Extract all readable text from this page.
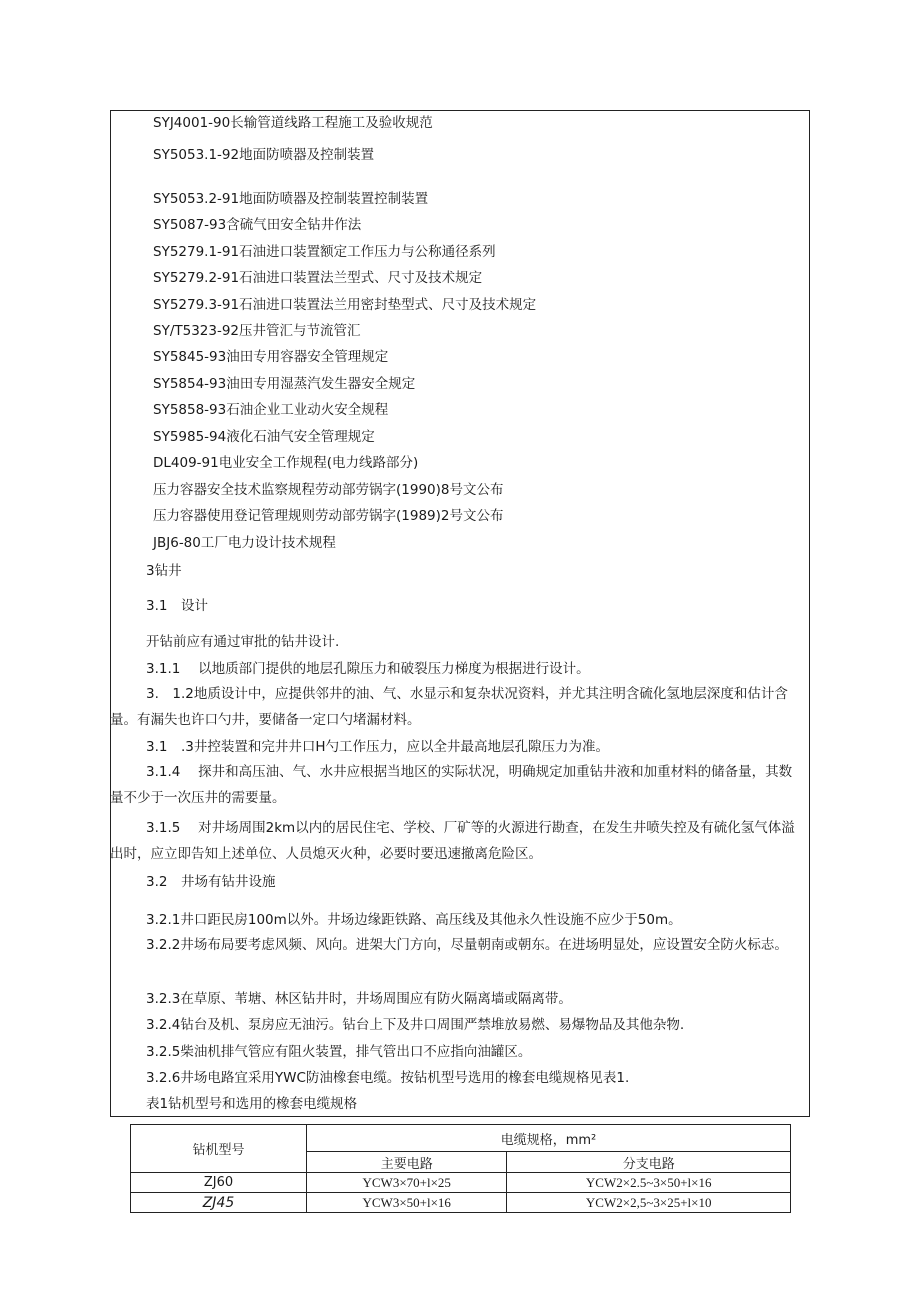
SYJ4001-90长输管道线路工程施工及验收规范
SY5053.1-92地面防喷器及控制装置
SY5053.2-91地面防喷器及控制装置控制装置
SY5087-93含硫气田安全钻井作法
SY5279.1-91石油进口装置额定工作压力与公称通径系列
SY5279.2-91石油进口装置法兰型式、尺寸及技术规定
SY5279.3-91石油进口装置法兰用密封垫型式、尺寸及技术规定
SY/T5323-92压井管汇与节流管汇
SY5845-93油田专用容器安全管理规定
SY5854-93油田专用湿蒸汽发生器安全规定
SY5858-93石油企业工业动火安全规程
SY5985-94液化石油气安全管理规定
DL409-91电业安全工作规程(电力线路部分)
压力容器安全技术监察规程劳动部劳锅字(1990)8号文公布
压力容器使用登记管理规则劳动部劳锅字(1989)2号文公布
JBJ6-80工厂电力设计技术规程
3钻井
3.1　设计
开钻前应有通过审批的钻井设计.
3.1.1　 以地质部门提供的地层孔隙压力和破裂压力梯度为根据进行设计。
3.　1.2地质设计中，应提供邻井的油、气、水显示和复杂状况资料，并尤其注明含硫化氢地层深度和估计含量。有漏失也许口勺井，要储备一定口勺堵漏材料。
3.1　.3井控装置和完井井口H勺工作压力，应以全井最高地层孔隙压力为准。
3.1.4　 探井和高压油、气、水井应根据当地区的实际状况，明确规定加重钻井液和加重材料的储备量，其数量不少于一次压井的需要量。
3.1.5　 对井场周围2km以内的居民住宅、学校、厂矿等的火源进行勘查，在发生井喷失控及有硫化氢气体溢出时，应立即告知上述单位、人员熄灭火种，必要时要迅速撤离危险区。
3.2　井场有钻井设施
3.2.1井口距民房100m以外。井场边缘距铁路、高压线及其他永久性设施不应少于50m。
3.2.2井场布局要考虑风频、风向。进架大门方向，尽量朝南或朝东。在进场明显处，应设置安全防火标志。
3.2.3在草原、苇塘、林区钻井时，井场周围应有防火隔离墙或隔离带。
3.2.4钻台及机、泵房应无油污。钻台上下及井口周围严禁堆放易燃、易爆物品及其他杂物.
3.2.5柴油机排气管应有阻火装置，排气管出口不应指向油罐区。
3.2.6井场电路宜采用YWC防油橡套电缆。按钻机型号选用的橡套电缆规格见表1.
表1钻机型号和选用的橡套电缆规格
钻机型号	电缆规格，mm²	
	主要电路	分支电路
ZJ60	YCW3×70+l×25	YCW2×2.5~3×50+l×16
ZJ45	YCW3×50+l×16	YCW2×2,5~3×25+l×10
